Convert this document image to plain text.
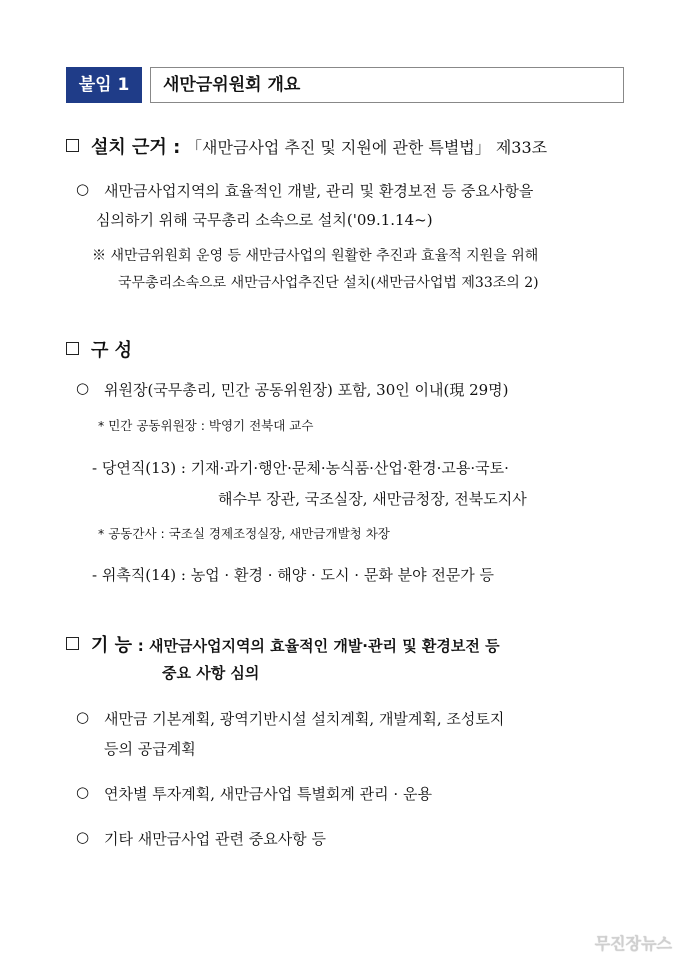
붙임 1	새만금위원회 개요
설치 근거 : 「새만금사업 추진 및 지원에 관한 특별법」 제33조
○ 새만금사업지역의 효율적인 개발, 관리 및 환경보전 등 중요사항을
심의하기 위해 국무총리 소속으로 설치('09.1.14~)
※ 새만금위원회 운영 등 새만금사업의 원활한 추진과 효율적 지원을 위해
국무총리소속으로 새만금사업추진단 설치(새만금사업법 제33조의 2)
구 성
○ 위원장(국무총리, 민간 공동위원장) 포함, 30인 이내(現 29명)
* 민간 공동위원장 : 박영기 전북대 교수
- 당연직(13) : 기재·과기·행안·문체·농식품·산업·환경·고용·국토·
해수부 장관, 국조실장, 새만금청장, 전북도지사
* 공동간사 : 국조실 경제조정실장, 새만금개발청 차장
- 위촉직(14) : 농업 · 환경 · 해양 · 도시 · 문화 분야 전문가 등
기 능 : 새만금사업지역의 효율적인 개발·관리 및 환경보전 등
중요 사항 심의
○ 새만금 기본계획, 광역기반시설 설치계획, 개발계획, 조성토지
등의 공급계획
○ 연차별 투자계획, 새만금사업 특별회계 관리 · 운용
○ 기타 새만금사업 관련 중요사항 등
무진장뉴스
